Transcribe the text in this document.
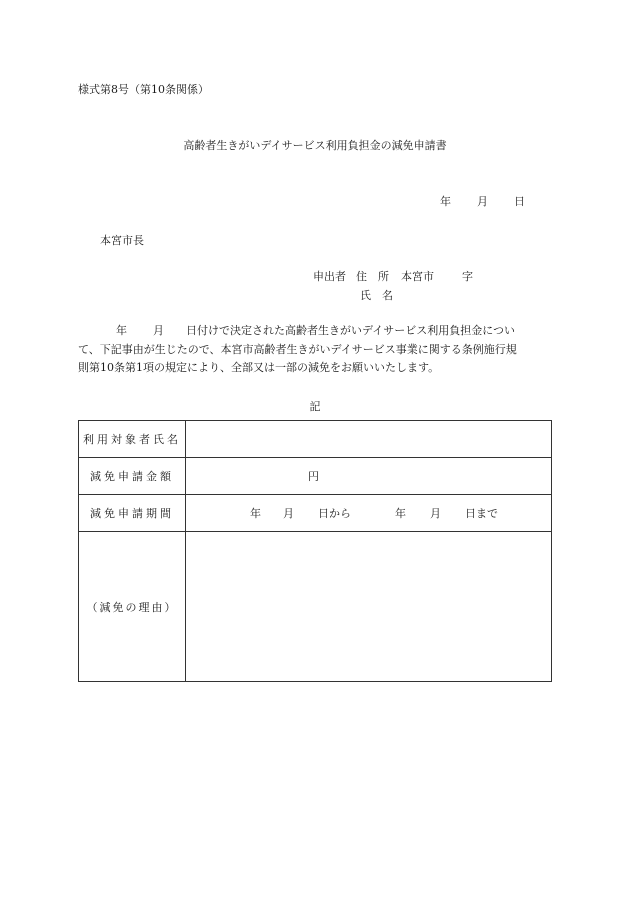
様式第8号（第10条関係）
高齢者生きがいデイサービス利用負担金の減免申請書
年 月 日
本宮市長
申出者 住　所 本宮市	字
氏　名

年 月 日付けで決定された高齢者生きがいデイサービス利用負担金につい

て、下記事由が生じたので、本宮市高齢者生きがいデイサービス事業に関する条例施行規

則第10条第1項の規定により、全部又は一部の減免をお願いいたします。

記
利用対象者氏名	
減免申請金額	円
減免申請期間	年 月 日から 年 月 日まで
（減免の理由）	
